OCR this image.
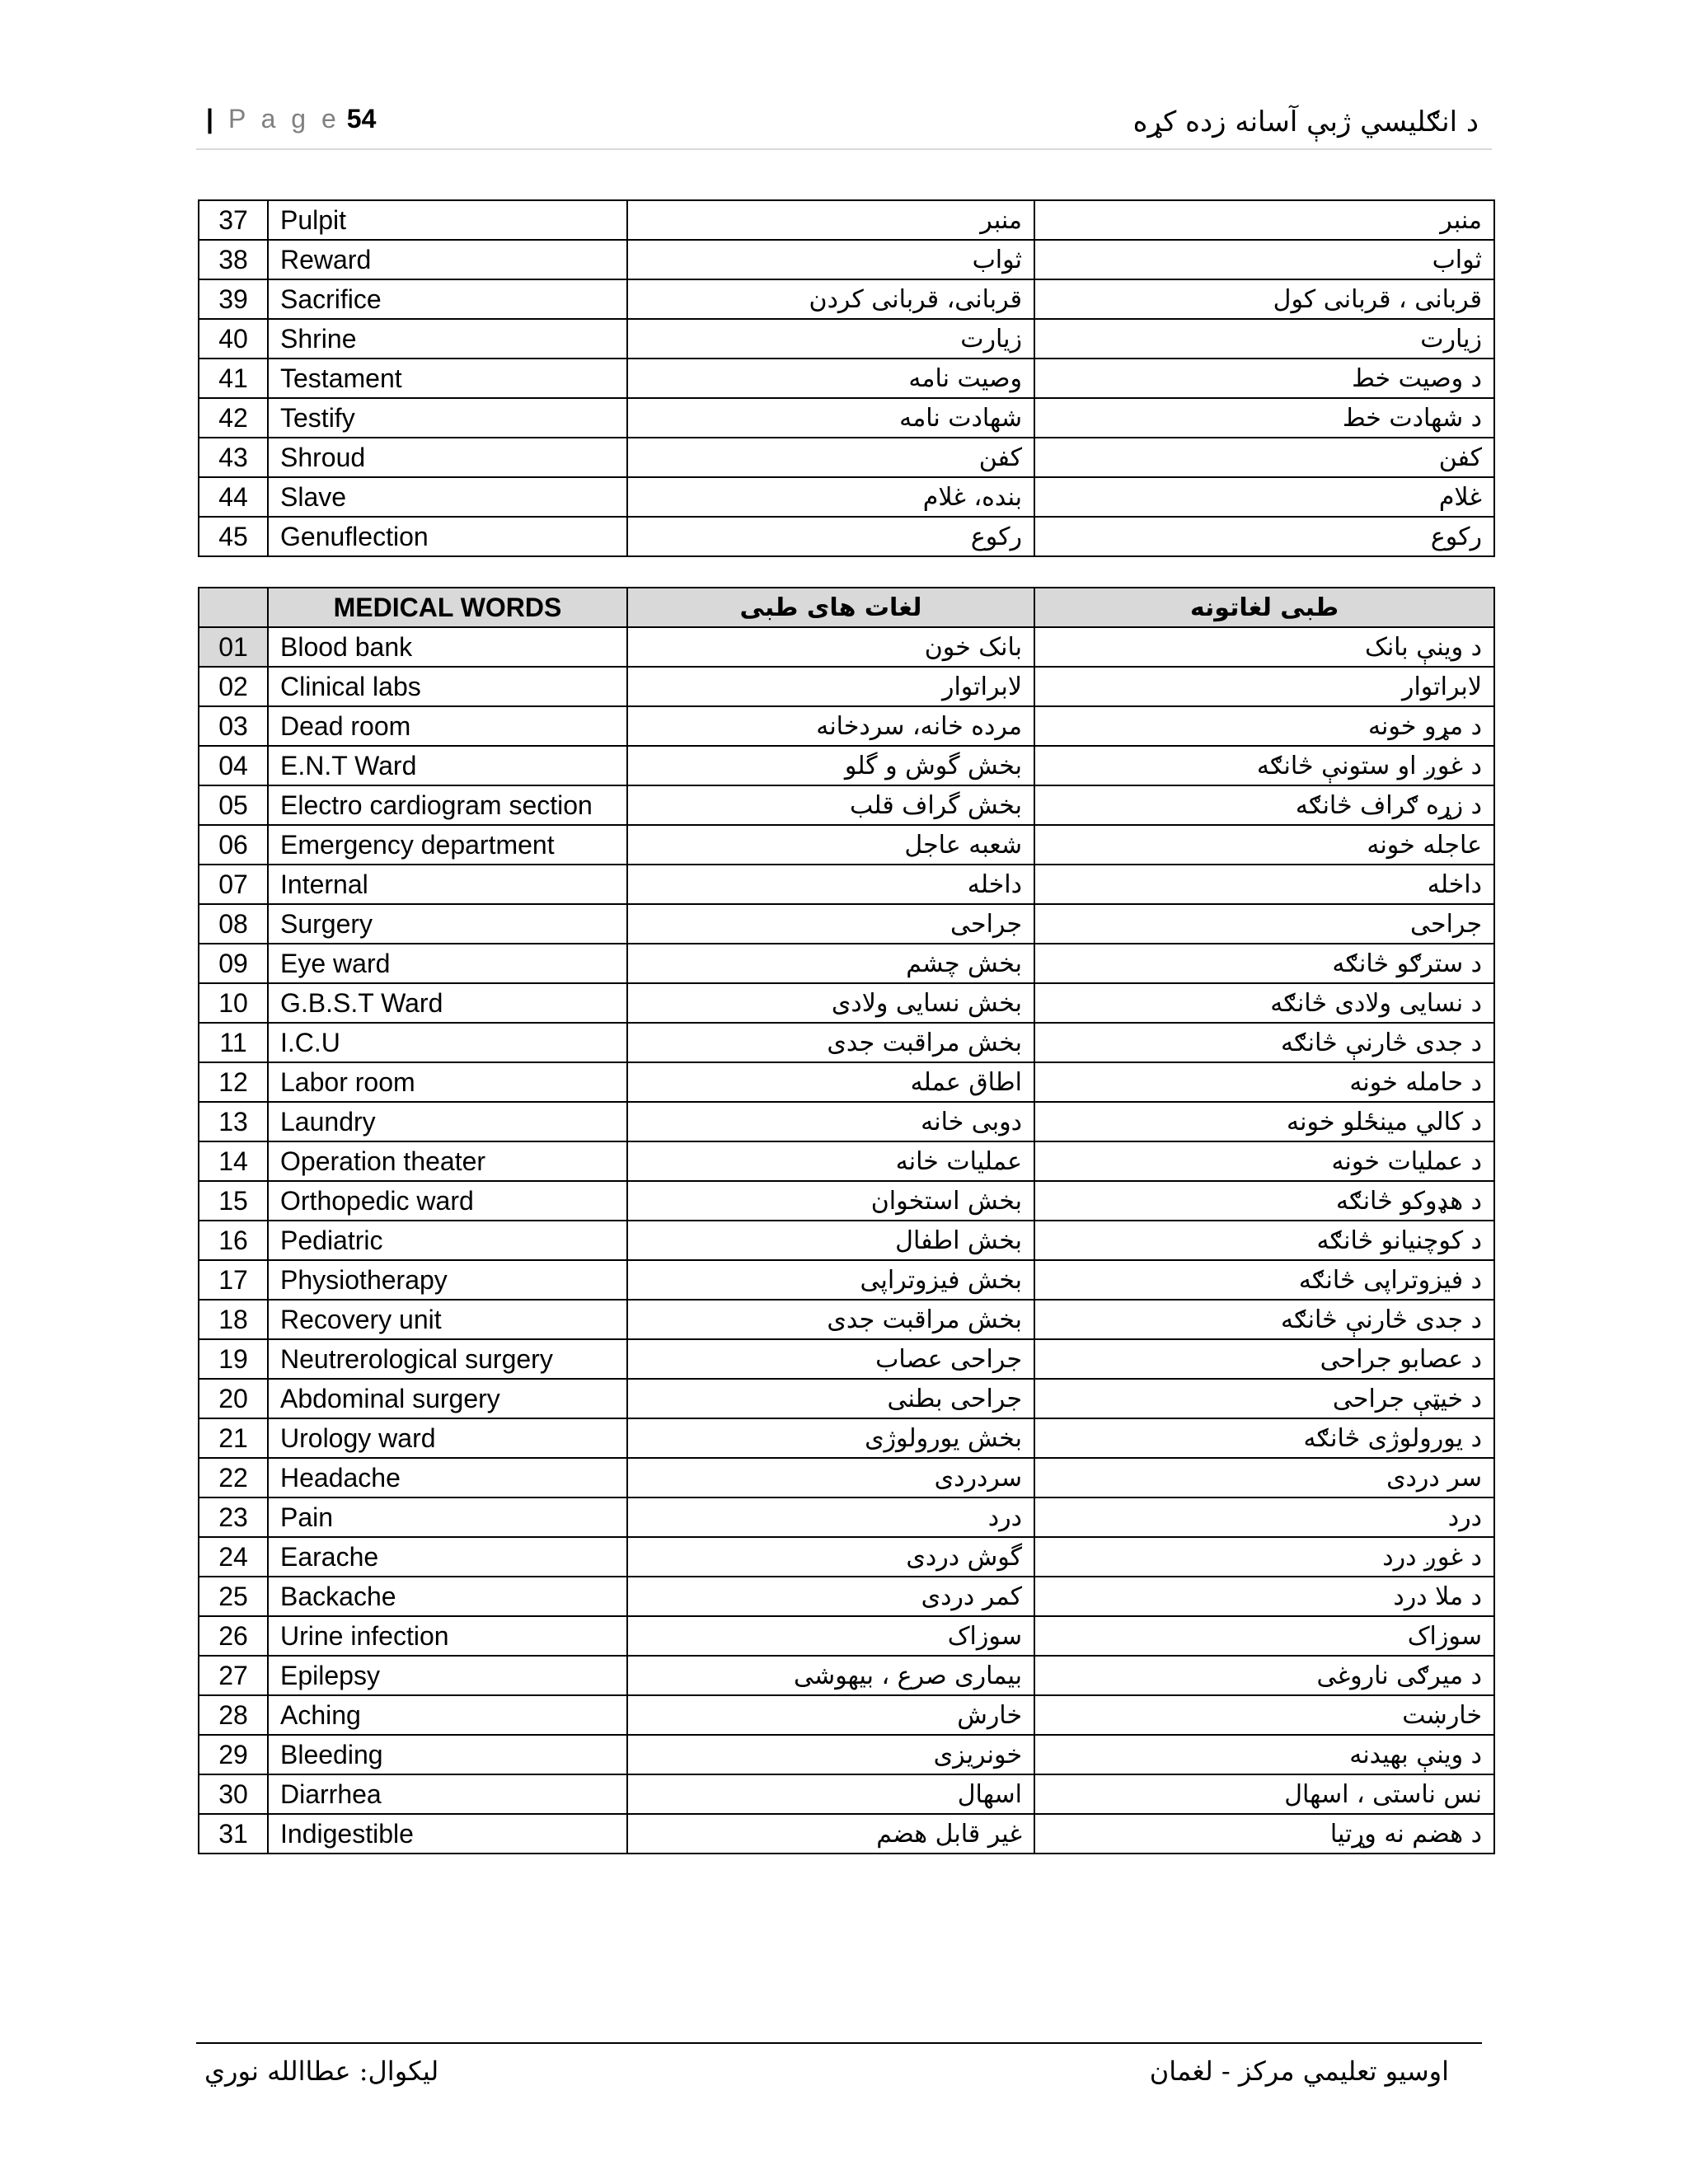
| P a g e 54	د انګلیسي ژبې آسانه زده کړه
37	Pulpit	منبر	منبر
38	Reward	ثواب	ثواب
39	Sacrifice	قربانی، قربانی کردن	قربانی ، قربانی کول
40	Shrine	زیارت	زیارت
41	Testament	وصیت نامه	د وصیت خط
42	Testify	شهادت نامه	د شهادت خط
43	Shroud	کفن	کفن
44	Slave	بنده، غلام	غلام
45	Genuflection	رکوع	رکوع
	MEDICAL WORDS	لغات های طبی	طبی لغاتونه
01	Blood bank	بانک خون	د وینې بانک
02	Clinical labs	لابراتوار	لابراتوار
03	Dead room	مرده خانه، سردخانه	د مړو خونه
04	E.N.T Ward	بخش گوش و گلو	د غوږ او ستونې څانګه
05	Electro cardiogram section	بخش گراف قلب	د زړه ګراف څانګه
06	Emergency department	شعبه عاجل	عاجله خونه
07	Internal	داخله	داخله
08	Surgery	جراحی	جراحی
09	Eye ward	بخش چشم	د سترګو څانګه
10	G.B.S.T Ward	بخش نسایی ولادی	د نسایی ولادی څانګه
11	I.C.U	بخش مراقبت جدی	د جدی څارنې څانګه
12	Labor room	اطاق عمله	د حامله خونه
13	Laundry	دوبی خانه	د کالي مینځلو خونه
14	Operation theater	عملیات خانه	د عملیات خونه
15	Orthopedic ward	بخش استخوان	د هډوکو څانګه
16	Pediatric	بخش اطفال	د کوچنیانو څانګه
17	Physiotherapy	بخش فیزوتراپی	د فیزوتراپی څانګه
18	Recovery unit	بخش مراقبت جدی	د جدی څارنې څانګه
19	Neutrerological surgery	جراحی عصاب	د عصابو جراحی
20	Abdominal surgery	جراحی بطنی	د خیټې جراحی
21	Urology ward	بخش یورولوژی	د یورولوژی څانګه
22	Headache	سردردی	سر دردی
23	Pain	درد	درد
24	Earache	گوش دردی	د غوږ درد
25	Backache	کمر دردی	د ملا درد
26	Urine infection	سوزاک	سوزاک
27	Epilepsy	بیماری صرع ، بیهوشی	د میرګی ناروغی
28	Aching	خارش	خارښت
29	Bleeding	خونریزی	د وینې بهیدنه
30	Diarrhea	اسهال	نس ناستی ، اسهال
31	Indigestible	غیر قابل هضم	د هضم نه وړتیا
لیکوال: عطاالله نوري	اوسیو تعلیمي مرکز - لغمان
